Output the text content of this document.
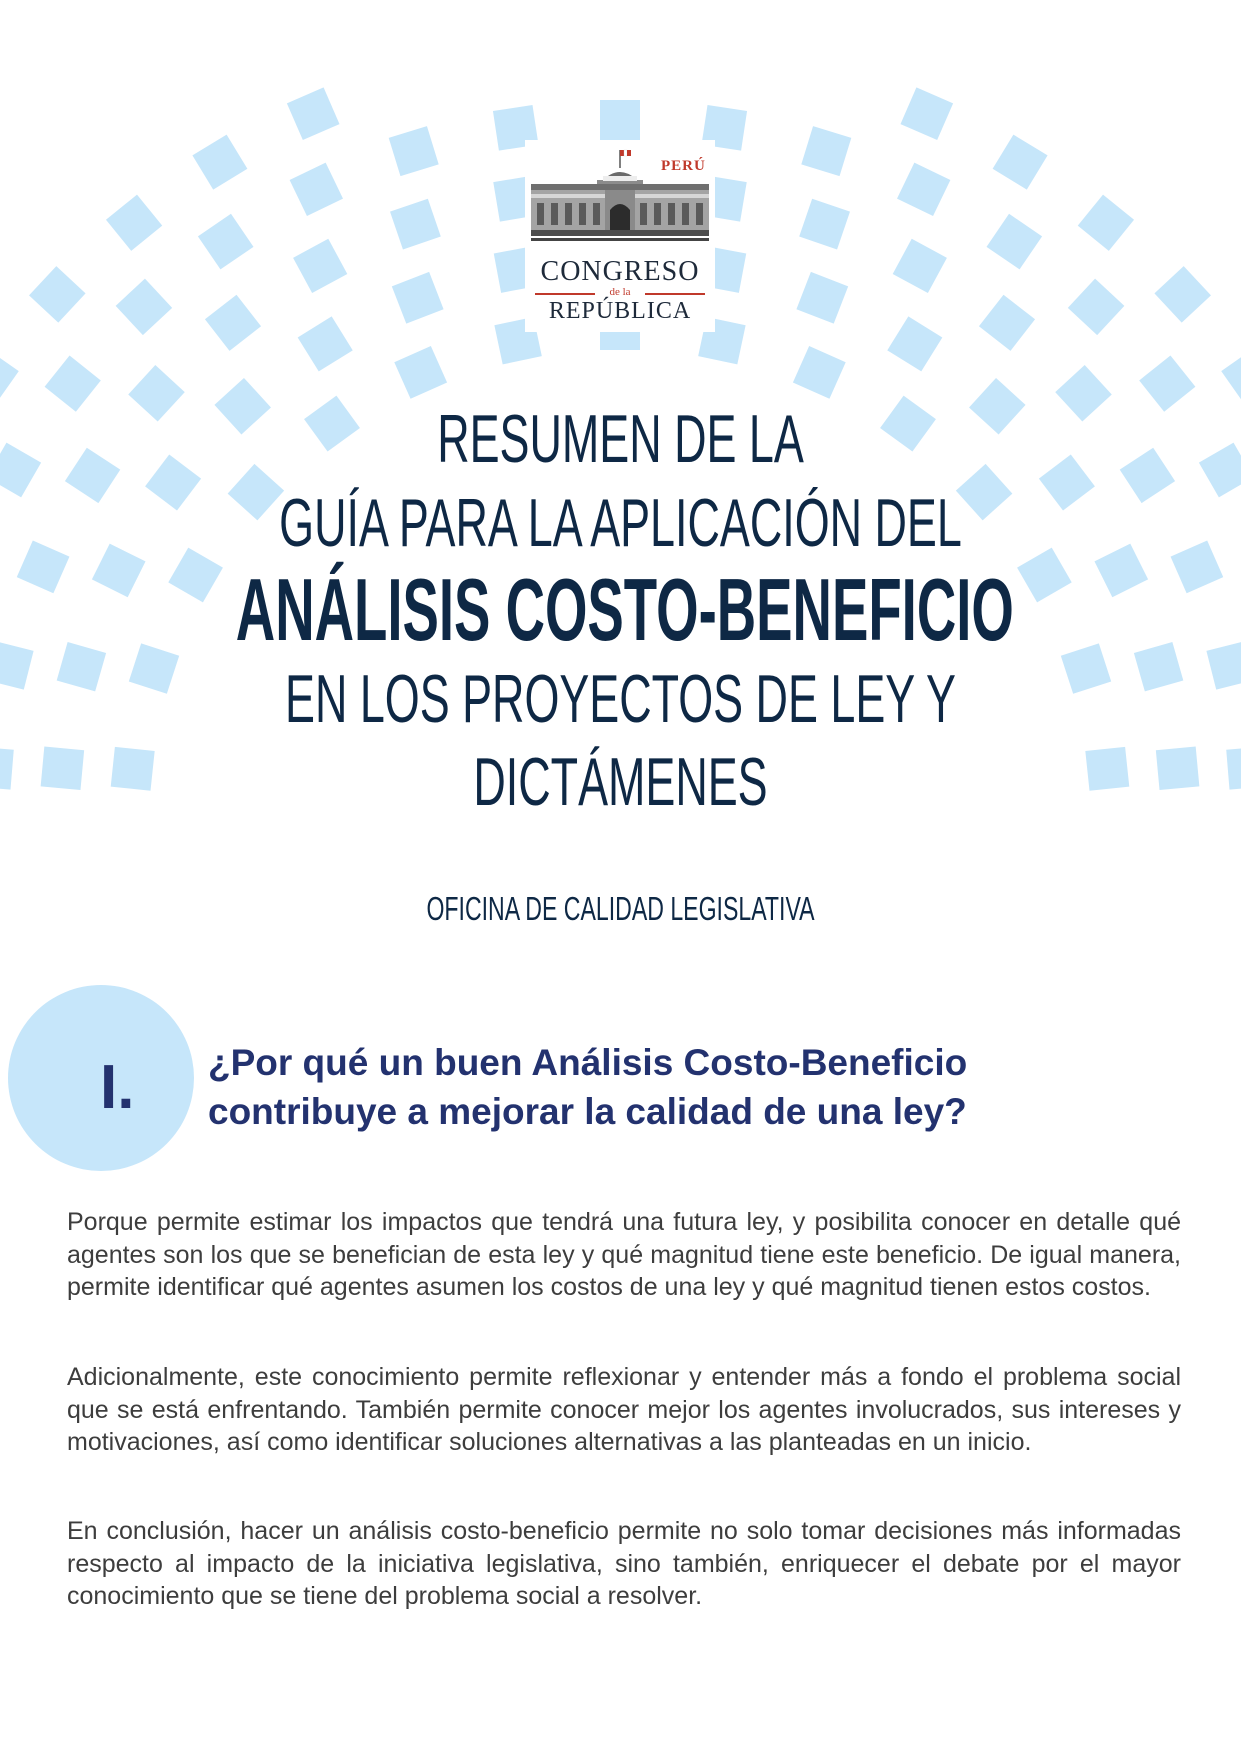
PERÚ
CONGRESO
de la
REPÚBLICA
RESUMEN DE LA
GUÍA PARA LA APLICACIÓN DEL
ANÁLISIS COSTO-BENEFICIO
EN LOS PROYECTOS DE LEY Y
DICTÁMENES
OFICINA DE CALIDAD LEGISLATIVA
I. ¿Por qué un buen Análisis Costo-Beneficio
contribuye a mejorar la calidad de una ley?
Porque permite estimar los impactos que tendrá una futura ley, y posibilita conocer en detalle qué agentes son los que se benefician de esta ley y qué magnitud tiene este beneficio. De igual manera, permite identificar qué agentes asumen los costos de una ley y qué magnitud tienen estos costos.
Adicionalmente, este conocimiento permite reflexionar y entender más a fondo el problema social que se está enfrentando. También permite conocer mejor los agentes involucrados, sus intereses y motivaciones, así como identificar soluciones alternativas a las planteadas en un inicio.
En conclusión, hacer un análisis costo-beneficio permite no solo tomar decisiones más informadas respecto al impacto de la iniciativa legislativa, sino también, enriquecer el debate por el mayor conocimiento que se tiene del problema social a resolver.
